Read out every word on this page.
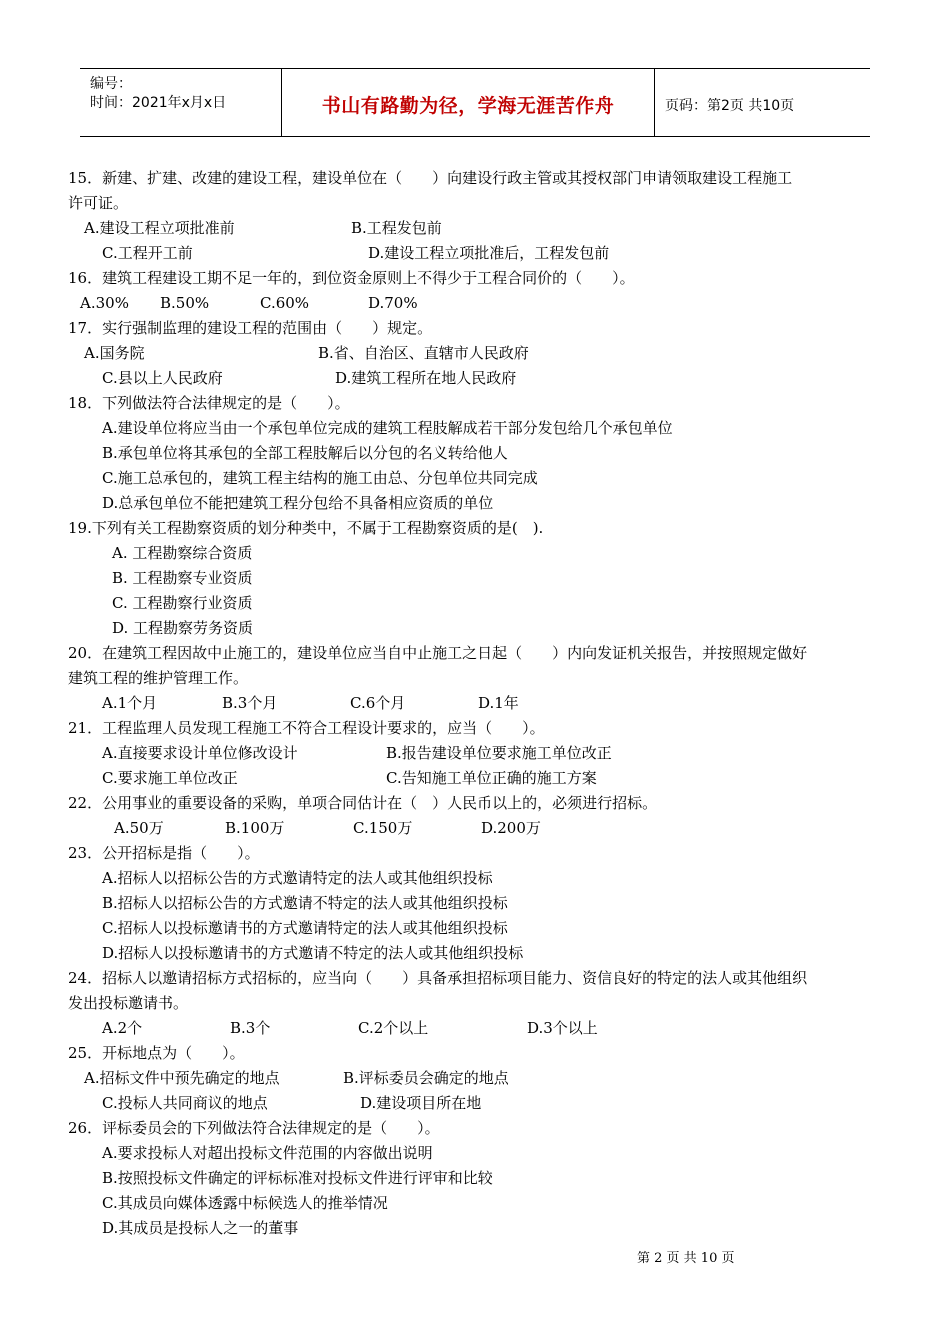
编号：
时间：2021年x月x日	书山有路勤为径，学海无涯苦作舟	页码：第2页 共10页
15．新建、扩建、改建的建设工程，建设单位在（　　）向建设行政主管或其授权部门申请领取建设工程施工
许可证。
A.建设工程立项批准前	B.工程发包前
C.工程开工前	D.建设工程立项批准后，工程发包前
16．建筑工程建设工期不足一年的，到位资金原则上不得少于工程合同价的（　　）。
A.30% B.50%	C.60%	D.70%
17．实行强制监理的建设工程的范围由（　　）规定。
A.国务院	B.省、自治区、直辖市人民政府
C.县以上人民政府	D.建筑工程所在地人民政府
18．下列做法符合法律规定的是（　　）。
A.建设单位将应当由一个承包单位完成的建筑工程肢解成若干部分发包给几个承包单位
B.承包单位将其承包的全部工程肢解后以分包的名义转给他人
C.施工总承包的，建筑工程主结构的施工由总、分包单位共同完成
D.总承包单位不能把建筑工程分包给不具备相应资质的单位
19.下列有关工程勘察资质的划分种类中，不属于工程勘察资质的是(　).
A. 工程勘察综合资质
B. 工程勘察专业资质
C. 工程勘察行业资质
D. 工程勘察劳务资质
20．在建筑工程因故中止施工的，建设单位应当自中止施工之日起（　　）内向发证机关报告，并按照规定做好
建筑工程的维护管理工作。
A.1个月	B.3个月	C.6个月	D.1年
21．工程监理人员发现工程施工不符合工程设计要求的，应当（　　）。
A.直接要求设计单位修改设计	B.报告建设单位要求施工单位改正
C.要求施工单位改正	C.告知施工单位正确的施工方案
22．公用事业的重要设备的采购，单项合同估计在（　）人民币以上的，必须进行招标。
A.50万	B.100万	C.150万	D.200万
23．公开招标是指（　　）。
A.招标人以招标公告的方式邀请特定的法人或其他组织投标
B.招标人以招标公告的方式邀请不特定的法人或其他组织投标
C.招标人以投标邀请书的方式邀请特定的法人或其他组织投标
D.招标人以投标邀请书的方式邀请不特定的法人或其他组织投标
24．招标人以邀请招标方式招标的，应当向（　　）具备承担招标项目能力、资信良好的特定的法人或其他组织
发出投标邀请书。
A.2个	B.3个	C.2个以上	D.3个以上
25．开标地点为（　　）。
A.招标文件中预先确定的地点	B.评标委员会确定的地点
C.投标人共同商议的地点	D.建设项目所在地
26．评标委员会的下列做法符合法律规定的是（　　）。
A.要求投标人对超出投标文件范围的内容做出说明
B.按照投标文件确定的评标标准对投标文件进行评审和比较
C.其成员向媒体透露中标候选人的推举情况
D.其成员是投标人之一的董事
第 2 页 共 10 页
